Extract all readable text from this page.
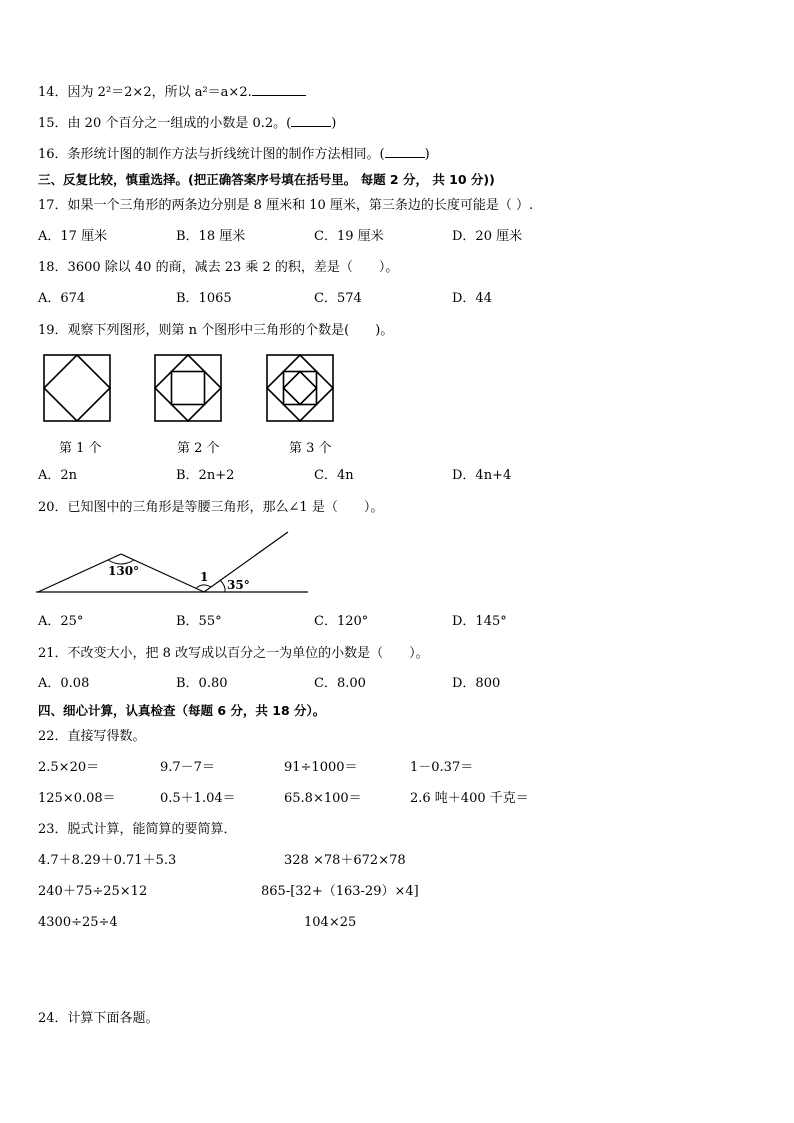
14．因为 2²＝2×2，所以 a²＝a×2.
15．由 20 个百分之一组成的小数是 0.2。(	)
16．条形统计图的制作方法与折线统计图的制作方法相同。(	)
三、反复比较，慎重选择。(把正确答案序号填在括号里。 每题 2 分， 共 10 分))
17．如果一个三角形的两条边分别是 8 厘米和 10 厘米，第三条边的长度可能是（ ）.
A．17 厘米	B．18 厘米	C．19 厘米	D．20 厘米
18．3600 除以 40 的商，减去 23 乘 2 的积，差是（　　）。
A．674	B．1065	C．574	D．44
19．观察下列图形，则第 n 个图形中三角形的个数是(　　)。
第 1 个	第 2 个	第 3 个
A．2n	B．2n+2	C．4n	D．4n+4
20．已知图中的三角形是等腰三角形，那么∠1 是（　　）。
130°	1
35°
A．25°	B．55°	C．120°	D．145°
21．不改变大小，把 8 改写成以百分之一为单位的小数是（　　）。
A．0.08	B．0.80	C．8.00	D．800
四、细心计算，认真检查（每题 6 分，共 18 分）。
22．直接写得数。
2.5×20＝	9.7－7＝	91÷1000＝	1－0.37＝
125×0.08＝	0.5＋1.04＝	65.8×100＝	2.6 吨＋400 千克＝
23．脱式计算，能简算的要简算．
4.7＋8.29＋0.71＋5.3	328 ×78＋672×78
240＋75÷25×12	865-[32+（163-29）×4]
4300÷25÷4	104×25
24．计算下面各题。
